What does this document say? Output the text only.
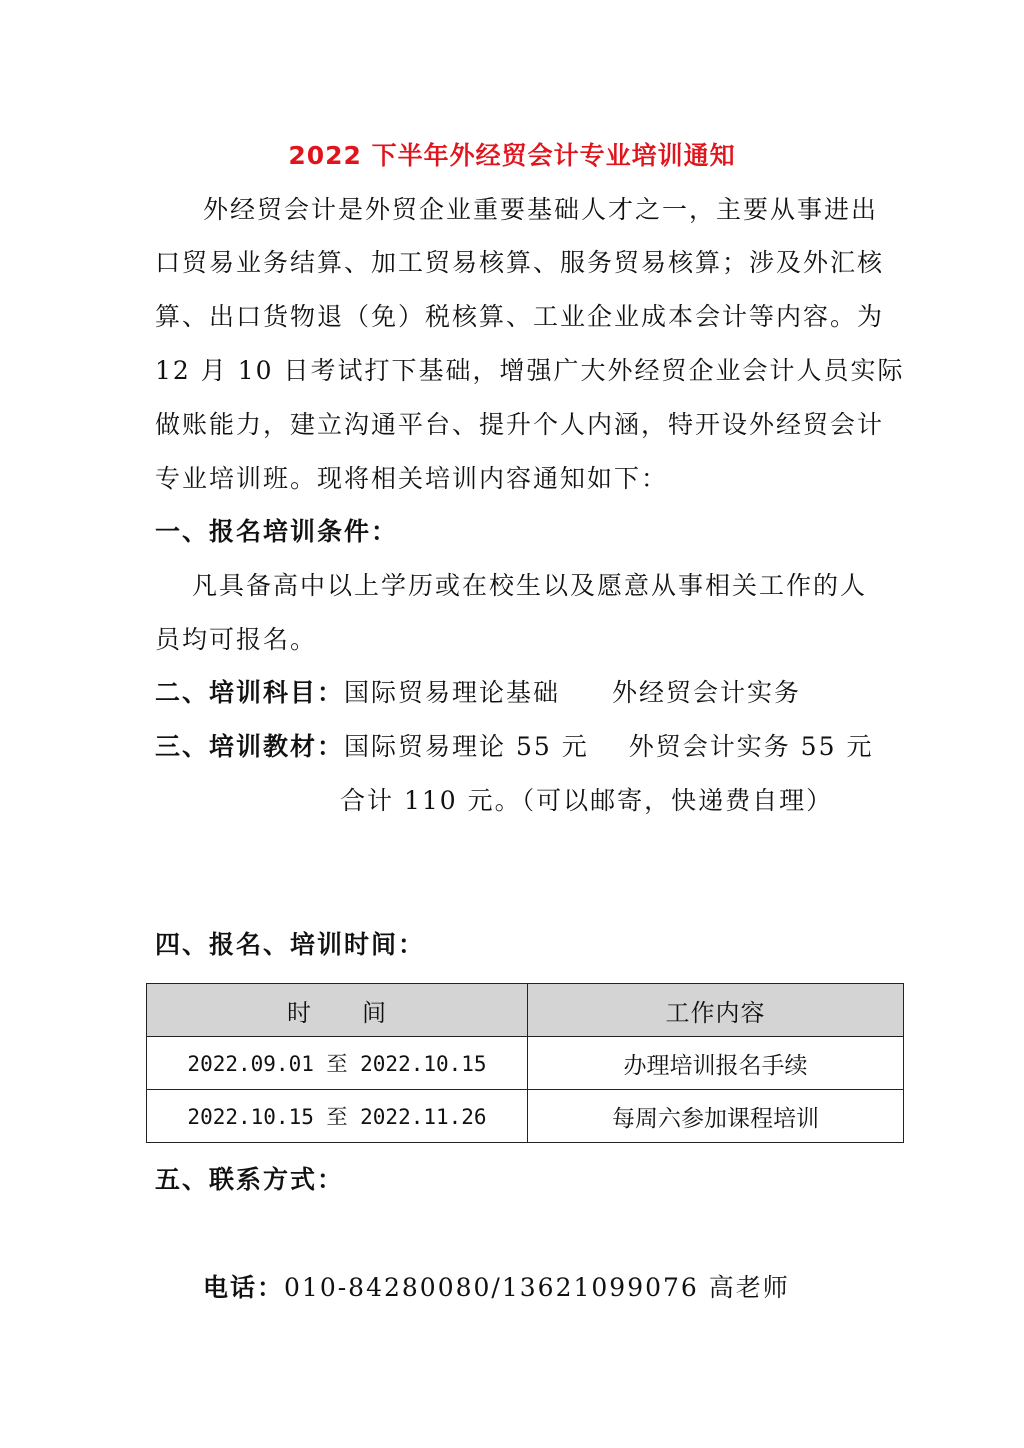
2022 下半年外经贸会计专业培训通知
外经贸会计是外贸企业重要基础人才之一，主要从事进出
口贸易业务结算、加工贸易核算、服务贸易核算；涉及外汇核
算、出口货物退（免）税核算、工业企业成本会计等内容。为
12 月 10 日考试打下基础，增强广大外经贸企业会计人员实际
做账能力，建立沟通平台、提升个人内涵，特开设外经贸会计
专业培训班。现将相关培训内容通知如下：
一、报名培训条件：
凡具备高中以上学历或在校生以及愿意从事相关工作的人
员均可报名。
二、培训科目：国际贸易理论基础 外经贸会计实务
三、培训教材：国际贸易理论 55 元 外贸会计实务 55 元
合计 110 元。（可以邮寄，快递费自理）
四、报名、培训时间：
时　　间	工作内容
2022.09.01 至 2022.10.15	办理培训报名手续
2022.10.15 至 2022.11.26	每周六参加课程培训
五、联系方式：
电话：010-84280080/13621099076 高老师
